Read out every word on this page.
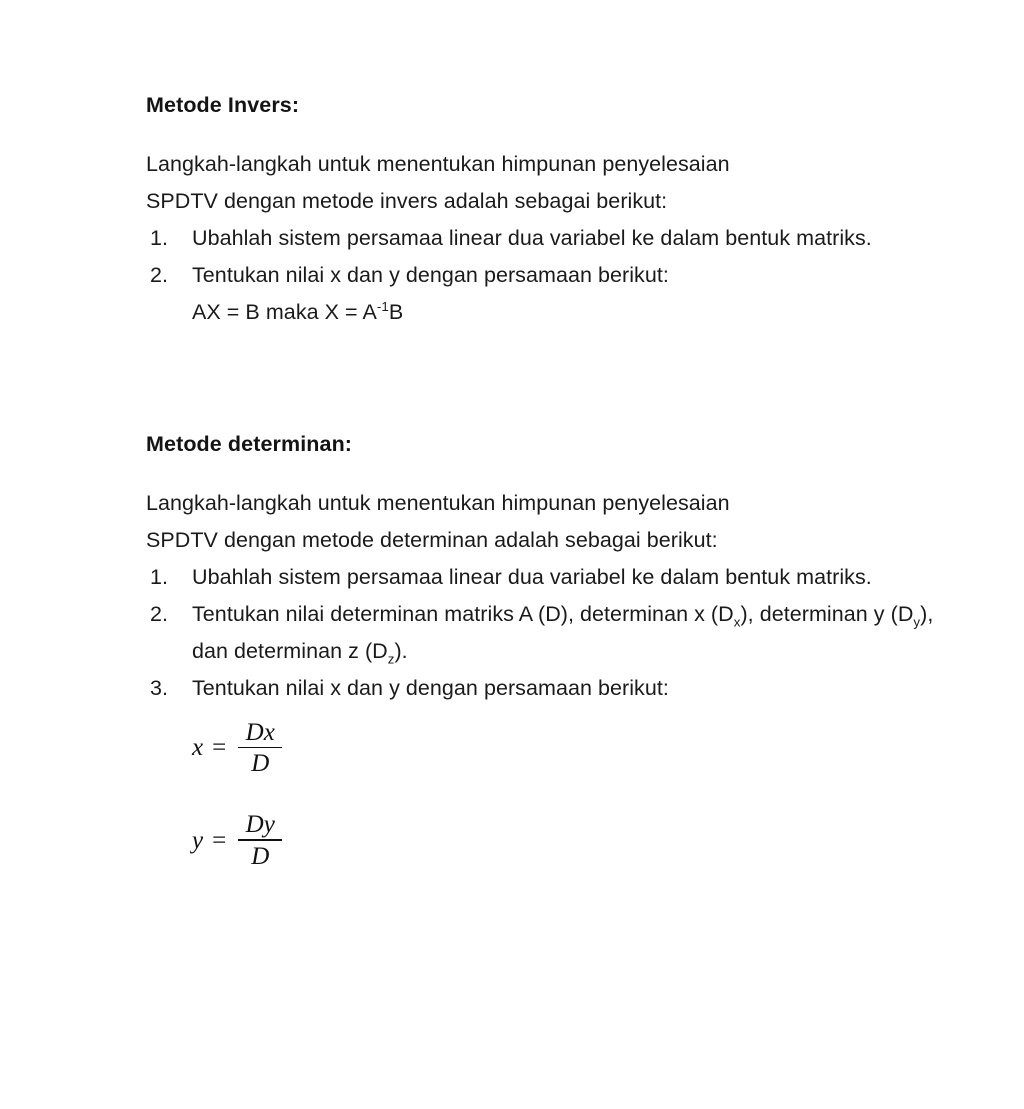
Metode Invers:

Langkah-langkah untuk menentukan himpunan penyelesaian

SPDTV dengan metode invers adalah sebagai berikut:

1.	Ubahlah sistem persamaa linear dua variabel ke dalam bentuk matriks.
2.	Tentukan nilai x dan y dengan persamaan berikut:
AX = B maka $X = A^{-1}B$
Metode determinan:

Langkah-langkah untuk menentukan himpunan penyelesaian

SPDTV dengan metode determinan adalah sebagai berikut:

1.	Ubahlah sistem persamaa linear dua variabel ke dalam bentuk matriks.
2.	Tentukan nilai determinan matriks A (D), determinan x $(D_x)$, determinan y $(D_y)$, dan determinan z $(D_z)$.
3.	Tentukan nilai x dan y dengan persamaan berikut:
$x = \frac{Dx}{D}$
$y = \frac{Dy}{D}$
